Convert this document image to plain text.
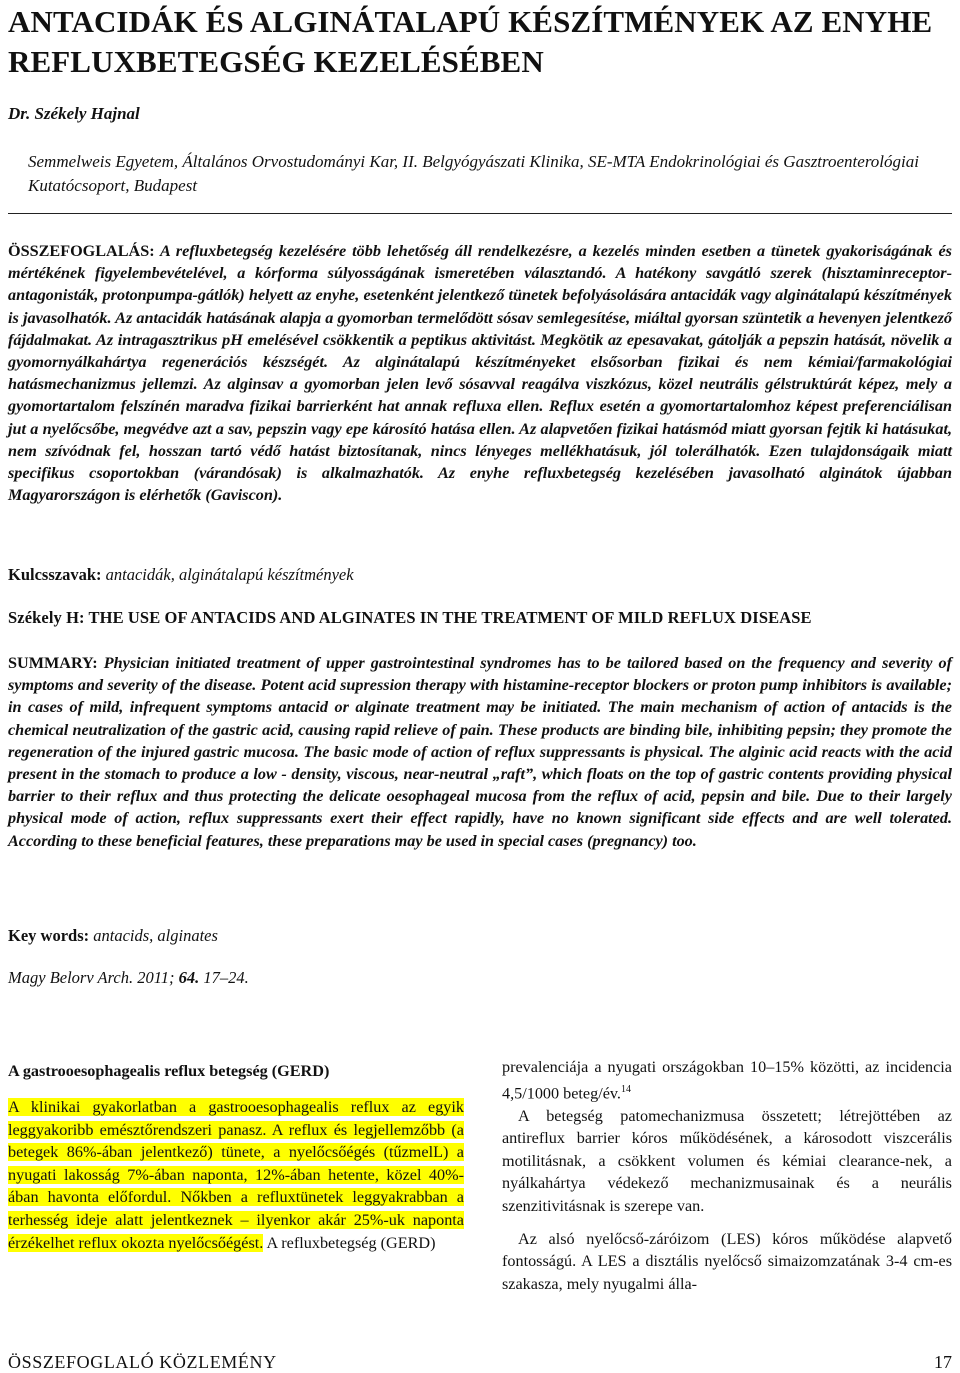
ANTACIDÁK ÉS ALGINÁTALAPÚ KÉSZÍTMÉNYEK AZ ENYHE REFLUXBETEGSÉG KEZELÉSÉBEN
Dr. Székely Hajnal
Semmelweis Egyetem, Általános Orvostudományi Kar, II. Belgyógyászati Klinika, SE-MTA Endokrinológiai és Gasztroenterológiai Kutatócsoport, Budapest
ÖSSZEFOGLALÁS: A refluxbetegség kezelésére több lehetőség áll rendelkezésre, a kezelés minden esetben a tünetek gyakoriságának és mértékének figyelembevételével, a kórforma súlyosságának ismeretében választandó. A hatékony savgátló szerek (hisztaminreceptor-antagonisták, protonpumpa-gátlók) helyett az enyhe, esetenként jelentkező tünetek befolyásolására antacidák vagy alginátalapú készítmények is javasolhatók. Az antacidák hatásának alapja a gyomorban termelődött sósav semlegesítése, miáltal gyorsan szüntetik a hevenyen jelentkező fájdalmakat. Az intragasztrikus pH emelésével csökkentik a peptikus aktivitást. Megkötik az epesavakat, gátolják a pepszin hatását, növelik a gyomornyálkahártya regenerációs készségét. Az alginátalapú készítményeket elsősorban fizikai és nem kémiai/farmakológiai hatásmechanizmus jellemzi. Az alginsav a gyomorban jelen levő sósavval reagálva viszkózus, közel neutrális gélstruktúrát képez, mely a gyomortartalom felszínén maradva fizikai barrierként hat annak refluxa ellen. Reflux esetén a gyomortartalomhoz képest preferenciálisan jut a nyelőcsőbe, megvédve azt a sav, pepszin vagy epe károsító hatása ellen. Az alapvetően fizikai hatásmód miatt gyorsan fejtik ki hatásukat, nem szívódnak fel, hosszan tartó védő hatást biztosítanak, nincs lényeges mellékhatásuk, jól tolerálhatók. Ezen tulajdonságaik miatt specifikus csoportokban (várandósak) is alkalmazhatók. Az enyhe refluxbetegség kezelésében javasolható alginátok újabban Magyarországon is elérhetők (Gaviscon).
Kulcsszavak: antacidák, alginátalapú készítmények
Székely H: THE USE OF ANTACIDS AND ALGINATES IN THE TREATMENT OF MILD REFLUX DISEASE
SUMMARY: Physician initiated treatment of upper gastrointestinal syndromes has to be tailored based on the frequency and severity of symptoms and severity of the disease. Potent acid supression therapy with histamine-receptor blockers or proton pump inhibitors is available; in cases of mild, infrequent symptoms antacid or alginate treatment may be initiated. The main mechanism of action of antacids is the chemical neutralization of the gastric acid, causing rapid relieve of pain. These products are binding bile, inhibiting pepsin; they promote the regeneration of the injured gastric mucosa. The basic mode of action of reflux suppressants is physical. The alginic acid reacts with the acid present in the stomach to produce a low - density, viscous, near-neutral „raft”, which floats on the top of gastric contents providing physical barrier to their reflux and thus protecting the delicate oesophageal mucosa from the reflux of acid, pepsin and bile. Due to their largely physical mode of action, reflux suppressants exert their effect rapidly, have no known significant side effects and are well tolerated. According to these beneficial features, these preparations may be used in special cases (pregnancy) too.
Key words: antacids, alginates
Magy Belorv Arch. 2011; 64. 17–24.
A gastrooesophagealis reflux betegség (GERD)

A klinikai gyakorlatban a gastrooesophagealis reflux az egyik leggyakoribb emésztőrendszeri panasz. A reflux és legjellemzőbb (a betegek 86%-ában jelentkező) tünete, a nyelőcsőégés (tűzmelL) a nyugati lakosság 7%-ában naponta, 12%-ában hetente, közel 40%-ában havonta előfordul. Nőkben a refluxtünetek leggyakrabban a terhesség ideje alatt jelentkeznek – ilyenkor akár 25%-uk naponta érzékelhet reflux okozta nyelőcsőégést. A refluxbetegség (GERD)

prevalenciája a nyugati országokban 10–15% közötti, az incidencia 4,5/1000 beteg/év.$^{14}$

A betegség patomechanizmusa összetett; létrejöttében az antireflux barrier kóros működésének, a károsodott viszcerális motilitásnak, a csökkent volumen és kémiai clearance-nek, a nyálkahártya védekező mechanizmusainak és a neurális szenzitivitásnak is szerepe van.

Az alsó nyelőcső-záróizom (LES) kóros működése alapvető fontosságú. A LES a disztális nyelőcső simaizomzatának 3-4 cm-es szakasza, mely nyugalmi álla-

ÖSSZEFOGLALÓ KÖZLEMÉNY	17
